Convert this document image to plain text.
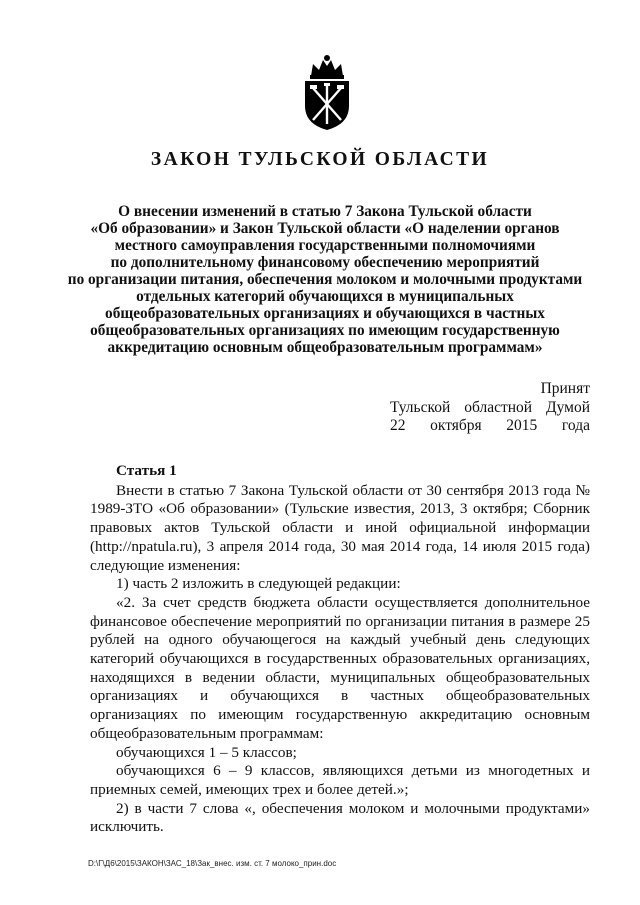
ЗАКОН ТУЛЬСКОЙ ОБЛАСТИ
О внесении изменений в статью 7 Закона Тульской области
«Об образовании» и Закон Тульской области «О наделении органов
местного самоуправления государственными полномочиями
по дополнительному финансовому обеспечению мероприятий
по организации питания, обеспечения молоком и молочными продуктами
отдельных категорий обучающихся в муниципальных
общеобразовательных организациях и обучающихся в частных
общеобразовательных организациях по имеющим государственную
аккредитацию основным общеобразовательным программам»
Принят
Тульской областной Думой
22 октября 2015 года

Статья 1

Внести в статью 7 Закона Тульской области от 30 сентября 2013 года № 1989-ЗТО «Об образовании» (Тульские известия, 2013, 3 октября; Сборник правовых актов Тульской области и иной официальной информации (http://npatula.ru), 3 апреля 2014 года, 30 мая 2014 года, 14 июля 2015 года) следующие изменения:

1) часть 2 изложить в следующей редакции:

«2. За счет средств бюджета области осуществляется дополнительное финансовое обеспечение мероприятий по организации питания в размере 25 рублей на одного обучающегося на каждый учебный день следующих категорий обучающихся в государственных образовательных организациях, находящихся в ведении области, муниципальных общеобразовательных организациях и обучающихся в частных общеобразовательных организациях по имеющим государственную аккредитацию основным общеобразовательным программам:

обучающихся 1 – 5 классов;

обучающихся 6 – 9 классов, являющихся детьми из многодетных и приемных семей, имеющих трех и более детей.»;

2) в части 7 слова «, обеспечения молоком и молочными продуктами» исключить.

D:\Г\Д6\2015\ЗАКОН\ЗАС_18\Зак_внес. изм. ст. 7 молоко_прин.doc
